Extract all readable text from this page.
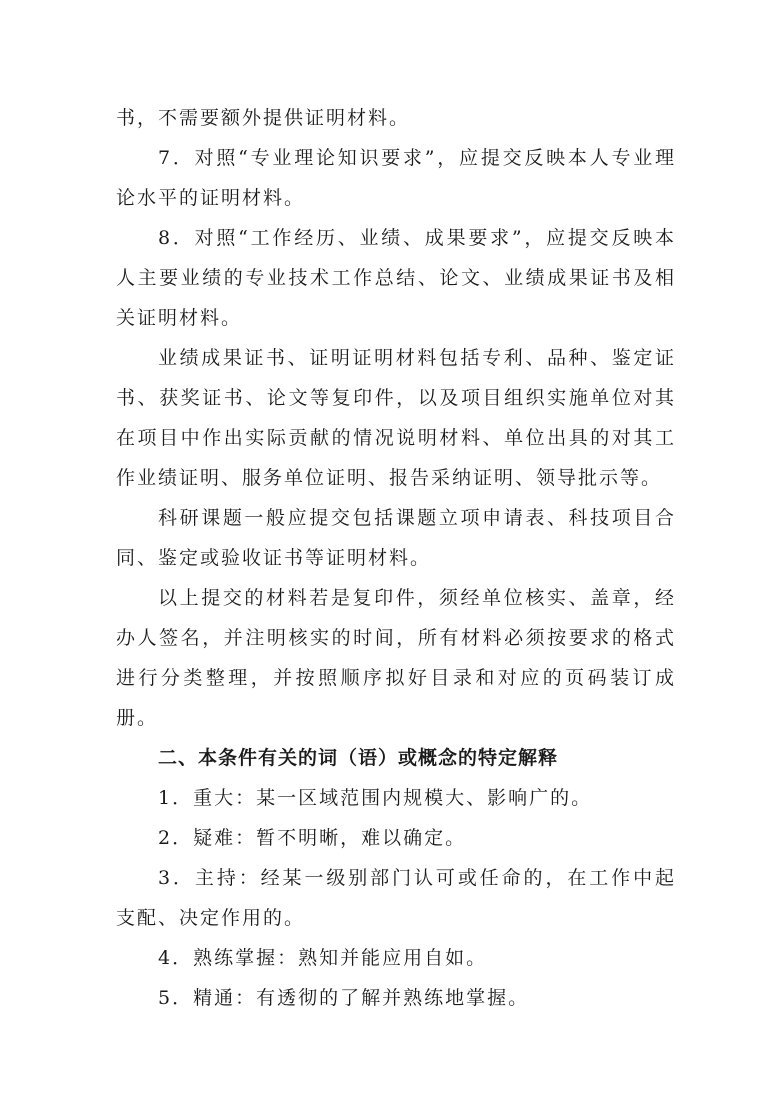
书，不需要额外提供证明材料。

7．对照“专业理论知识要求”，应提交反映本人专业理论水平的证明材料。

8．对照“工作经历、业绩、成果要求”，应提交反映本人主要业绩的专业技术工作总结、论文、业绩成果证书及相关证明材料。

业绩成果证书、证明证明材料包括专利、品种、鉴定证书、获奖证书、论文等复印件，以及项目组织实施单位对其在项目中作出实际贡献的情况说明材料、单位出具的对其工作业绩证明、服务单位证明、报告采纳证明、领导批示等。

科研课题一般应提交包括课题立项申请表、科技项目合同、鉴定或验收证书等证明材料。

以上提交的材料若是复印件，须经单位核实、盖章，经办人签名，并注明核实的时间，所有材料必须按要求的格式进行分类整理，并按照顺序拟好目录和对应的页码装订成册。

二、本条件有关的词（语）或概念的特定解释

1．重大：某一区域范围内规模大、影响广的。

2．疑难：暂不明晰，难以确定。

3．主持：经某一级别部门认可或任命的，在工作中起支配、决定作用的。

4．熟练掌握：熟知并能应用自如。

5．精通：有透彻的了解并熟练地掌握。
